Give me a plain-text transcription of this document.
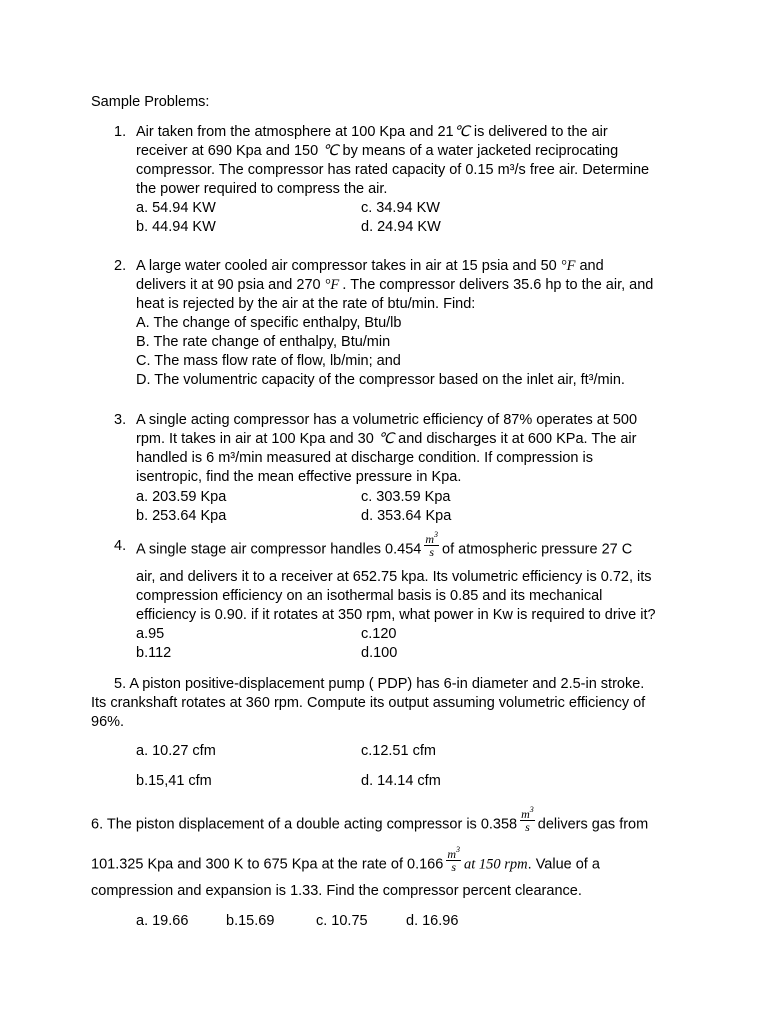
Sample Problems:
1. Air taken from the atmosphere at 100 Kpa and 21℃ is delivered to the air
receiver at 690 Kpa and 150 ℃ by means of a water jacketed reciprocating
compressor. The compressor has rated capacity of 0.15 m³/s free air. Determine
the power required to compress the air.
a. 54.94 KW	c. 34.94 KW
b. 44.94 KW	d. 24.94 KW
2. A large water cooled air compressor takes in air at 15 psia and 50 °F and
delivers it at 90 psia and 270 °F . The compressor delivers 35.6 hp to the air, and
heat is rejected by the air at the rate of btu/min. Find:
A. The change of specific enthalpy, Btu/lb
B. The rate change of enthalpy, Btu/min
C. The mass flow rate of flow, lb/min; and
D. The volumentric capacity of the compressor based on the inlet air, ft³/min.
3. A single acting compressor has a volumetric efficiency of 87% operates at 500
rpm. It takes in air at 100 Kpa and 30 ℃ and discharges it at 600 KPa. The air
handled is 6 m³/min measured at discharge condition. If compression is
isentropic, find the mean effective pressure in Kpa.
a. 203.59 Kpa	c. 303.59 Kpa
b. 253.64 Kpa	d. 353.64 Kpa
4. A single stage air compressor handles $0.454 \frac{m^3}{s}$ of atmospheric pressure 27 C
air, and delivers it to a receiver at 652.75 kpa. Its volumetric efficiency is 0.72, its
compression efficiency on an isothermal basis is 0.85 and its mechanical
efficiency is 0.90. if it rotates at 350 rpm, what power in Kw is required to drive it?
a.95	c.120
b.112	d.100
5. A piston positive-displacement pump ( PDP) has 6-in diameter and 2.5-in stroke.
Its crankshaft rotates at 360 rpm. Compute its output assuming volumetric efficiency of
96%.
a. 10.27 cfm	c.12.51 cfm
b.15,41 cfm	d. 14.14 cfm
6. The piston displacement of a double acting compressor is $0.358 \frac{m^3}{s}$ delivers gas from
101.325 Kpa and 300 K to 675 Kpa at the rate of $0.166 \frac{m^3}{s}$ at 150 rpm. Value of a
compression and expansion is 1.33. Find the compressor percent clearance.
a. 19.66	b.15.69	c. 10.75	d. 16.96
